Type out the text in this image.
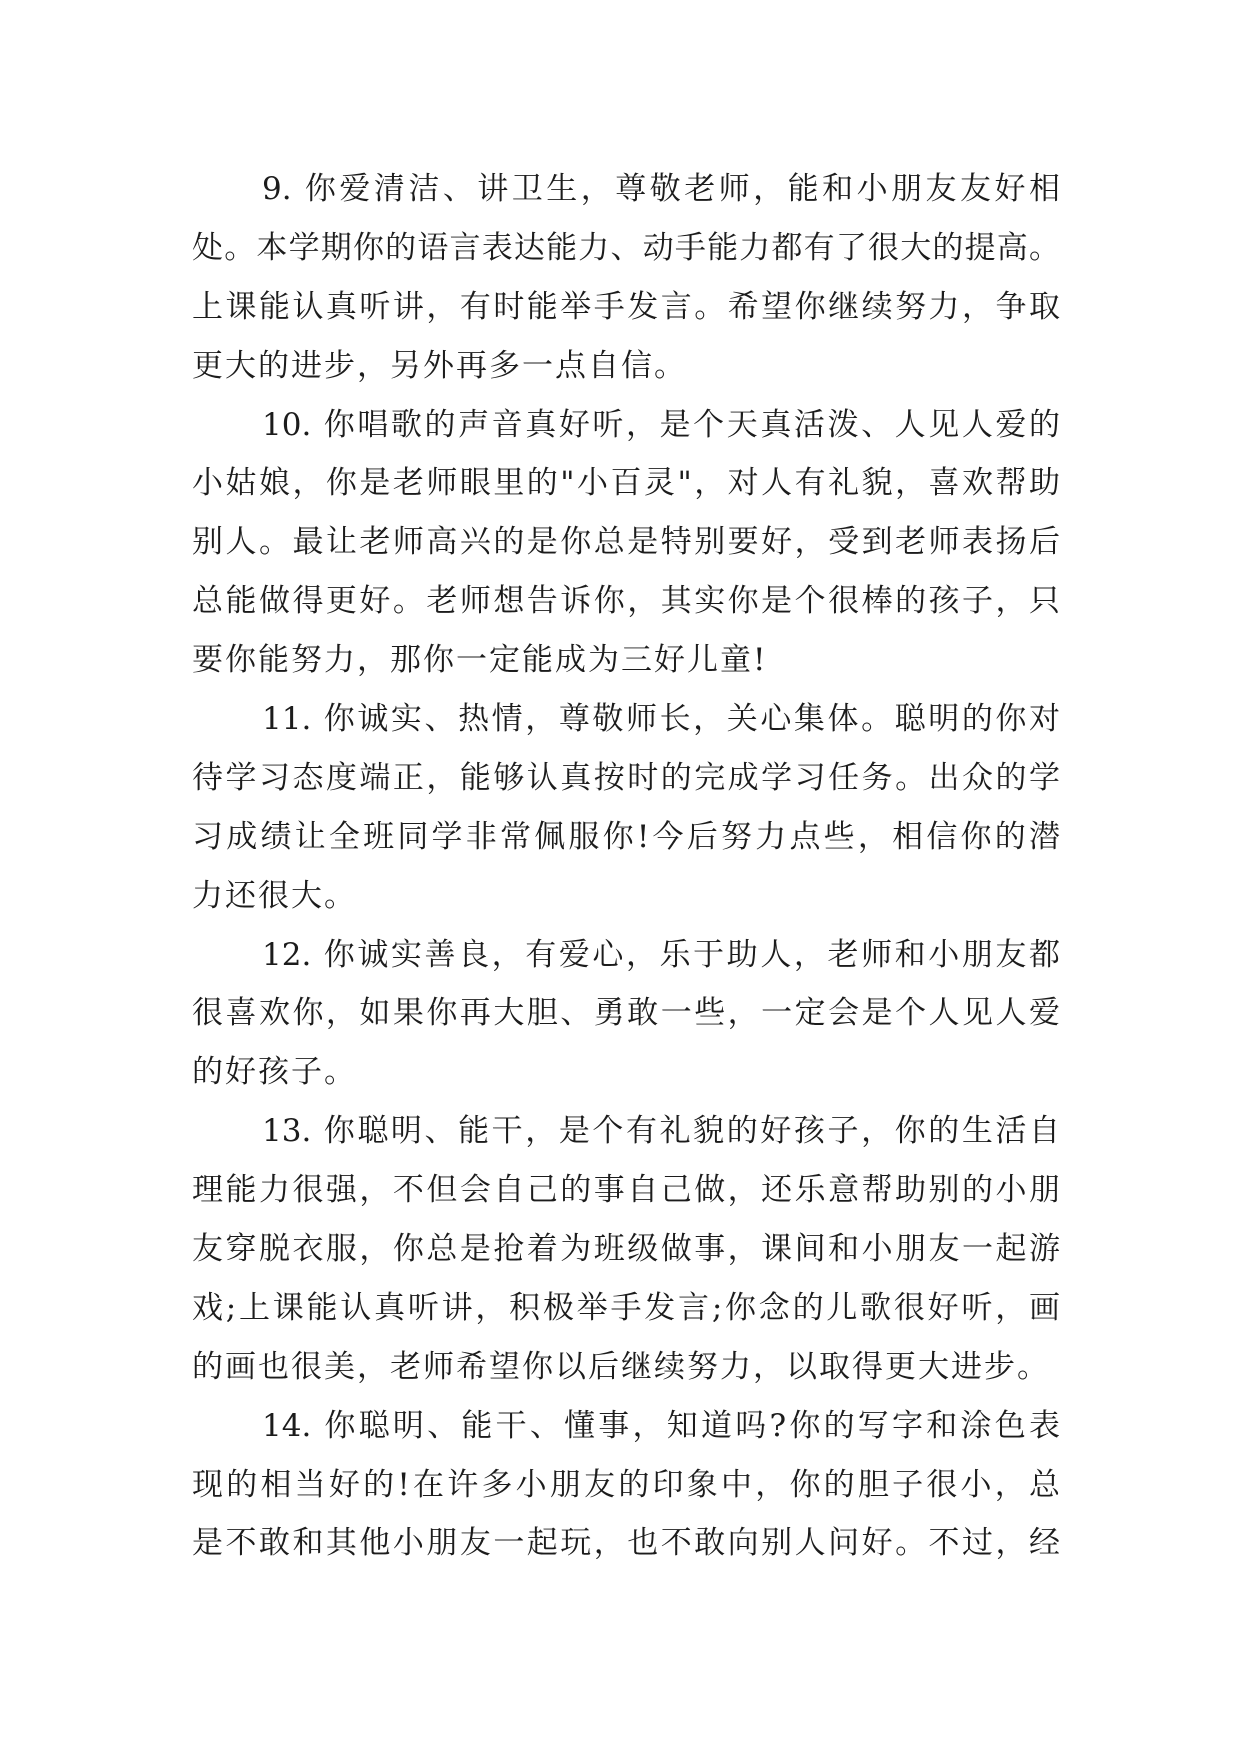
9. 你爱清洁、讲卫生，尊敬老师，能和小朋友友好相
处。本学期你的语言表达能力、动手能力都有了很大的提高。
上课能认真听讲，有时能举手发言。希望你继续努力，争取
更大的进步，另外再多一点自信。
10. 你唱歌的声音真好听，是个天真活泼、人见人爱的
小姑娘，你是老师眼里的"小百灵"，对人有礼貌，喜欢帮助
别人。最让老师高兴的是你总是特别要好，受到老师表扬后
总能做得更好。老师想告诉你，其实你是个很棒的孩子，只
要你能努力，那你一定能成为三好儿童!
11. 你诚实、热情，尊敬师长，关心集体。聪明的你对
待学习态度端正，能够认真按时的完成学习任务。出众的学
习成绩让全班同学非常佩服你!今后努力点些，相信你的潜
力还很大。
12. 你诚实善良，有爱心，乐于助人，老师和小朋友都
很喜欢你，如果你再大胆、勇敢一些，一定会是个人见人爱
的好孩子。
13. 你聪明、能干，是个有礼貌的好孩子，你的生活自
理能力很强，不但会自己的事自己做，还乐意帮助别的小朋
友穿脱衣服，你总是抢着为班级做事，课间和小朋友一起游
戏;上课能认真听讲，积极举手发言;你念的儿歌很好听，画
的画也很美，老师希望你以后继续努力，以取得更大进步。
14. 你聪明、能干、懂事，知道吗?你的写字和涂色表
现的相当好的!在许多小朋友的印象中，你的胆子很小，总
是不敢和其他小朋友一起玩，也不敢向别人问好。不过，经
